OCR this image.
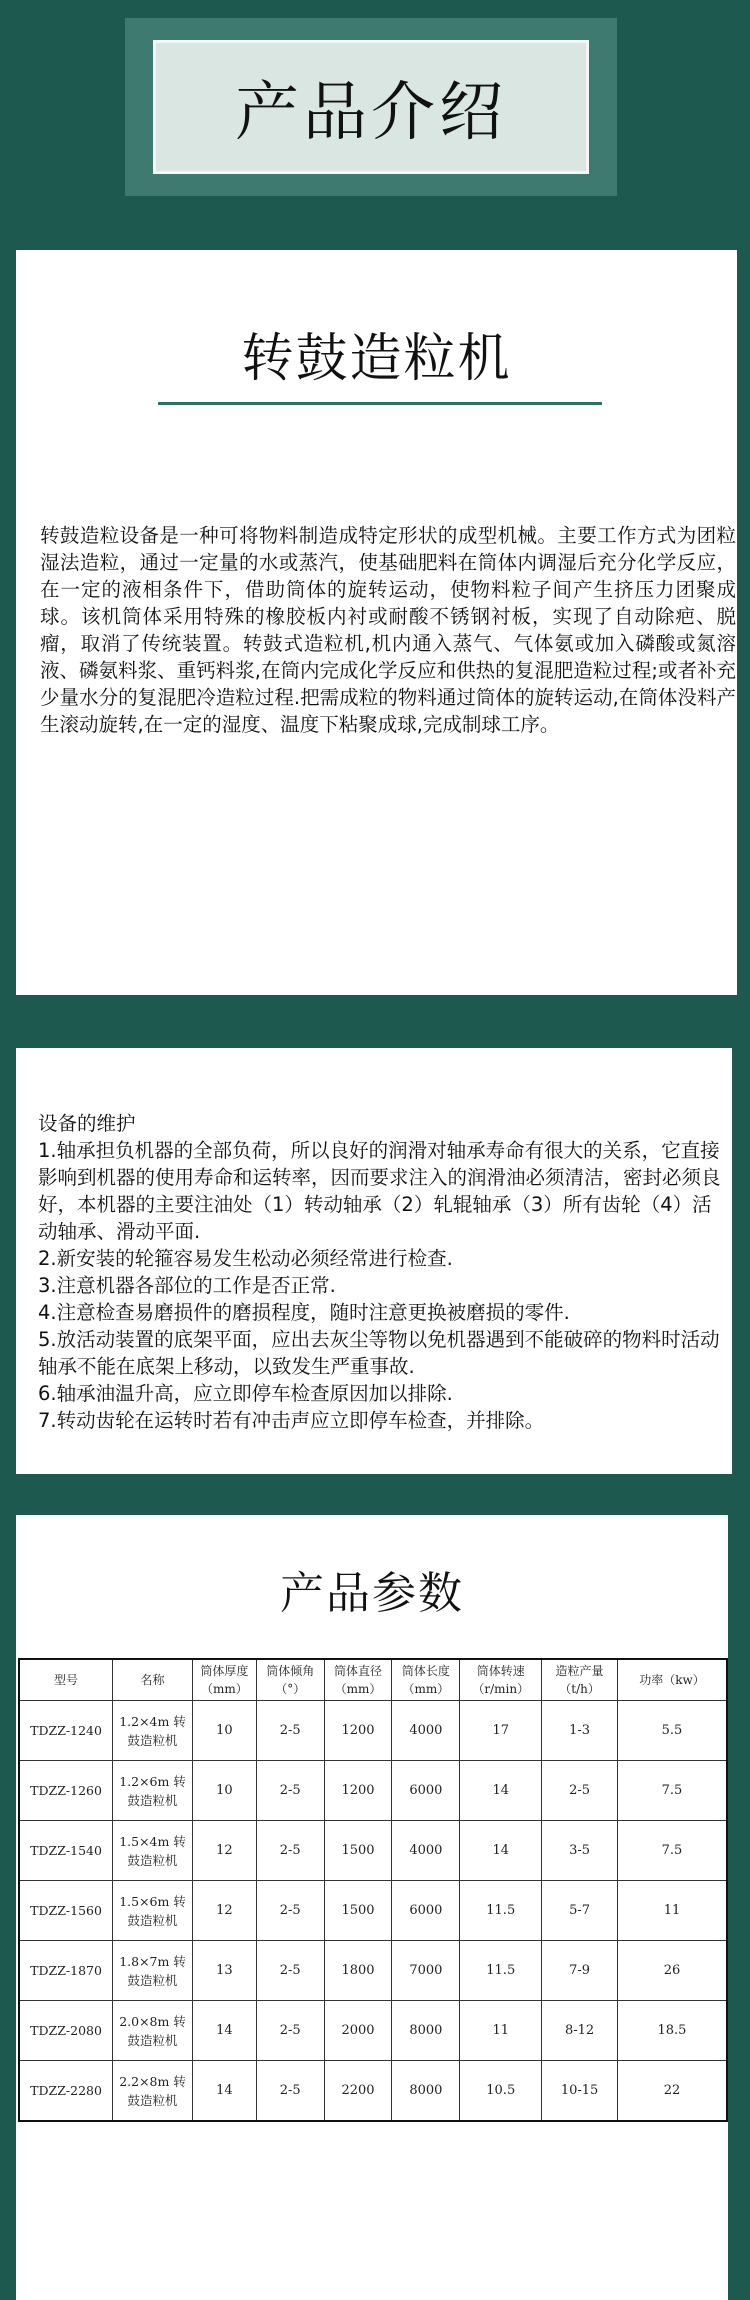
产品介绍
转鼓造粒机

转鼓造粒设备是一种可将物料制造成特定形状的成型机械。主要工作方式为团粒湿法造粒，通过一定量的水或蒸汽，使基础肥料在筒体内调湿后充分化学反应，在一定的液相条件下，借助筒体的旋转运动，使物料粒子间产生挤压力团聚成球。该机筒体采用特殊的橡胶板内衬或耐酸不锈钢衬板，实现了自动除疤、脱瘤，取消了传统装置。转鼓式造粒机,机内通入蒸气、气体氨或加入磷酸或氮溶液、磷氨料浆、重钙料浆,在筒内完成化学反应和供热的复混肥造粒过程;或者补充少量水分的复混肥冷造粒过程.把需成粒的物料通过筒体的旋转运动,在筒体没料产生滚动旋转,在一定的湿度、温度下粘聚成球,完成制球工序。

设备的维护

1.轴承担负机器的全部负荷，所以良好的润滑对轴承寿命有很大的关系，它直接影响到机器的使用寿命和运转率，因而要求注入的润滑油必须清洁，密封必须良好，本机器的主要注油处（1）转动轴承（2）轧辊轴承（3）所有齿轮（4）活动轴承、滑动平面.
2.新安装的轮箍容易发生松动必须经常进行检查.
3.注意机器各部位的工作是否正常.
4.注意检查易磨损件的磨损程度，随时注意更换被磨损的零件.
5.放活动装置的底架平面，应出去灰尘等物以免机器遇到不能破碎的物料时活动轴承不能在底架上移动，以致发生严重事故.
6.轴承油温升高，应立即停车检查原因加以排除.
7.转动齿轮在运转时若有冲击声应立即停车检查，并排除。
产品参数
型号	名称	筒体厚度（mm）	筒体倾角（°）	筒体直径（mm）	筒体长度（mm）	筒体转速（r/min）	造粒产量（t/h）	功率（kw）
TDZZ-1240	1.2×4m 转鼓造粒机	10	2-5	1200	4000	17	1-3	5.5
TDZZ-1260	1.2×6m 转鼓造粒机	10	2-5	1200	6000	14	2-5	7.5
TDZZ-1540	1.5×4m 转鼓造粒机	12	2-5	1500	4000	14	3-5	7.5
TDZZ-1560	1.5×6m 转鼓造粒机	12	2-5	1500	6000	11.5	5-7	11
TDZZ-1870	1.8×7m 转鼓造粒机	13	2-5	1800	7000	11.5	7-9	26
TDZZ-2080	2.0×8m 转鼓造粒机	14	2-5	2000	8000	11	8-12	18.5
TDZZ-2280	2.2×8m 转鼓造粒机	14	2-5	2200	8000	10.5	10-15	22
